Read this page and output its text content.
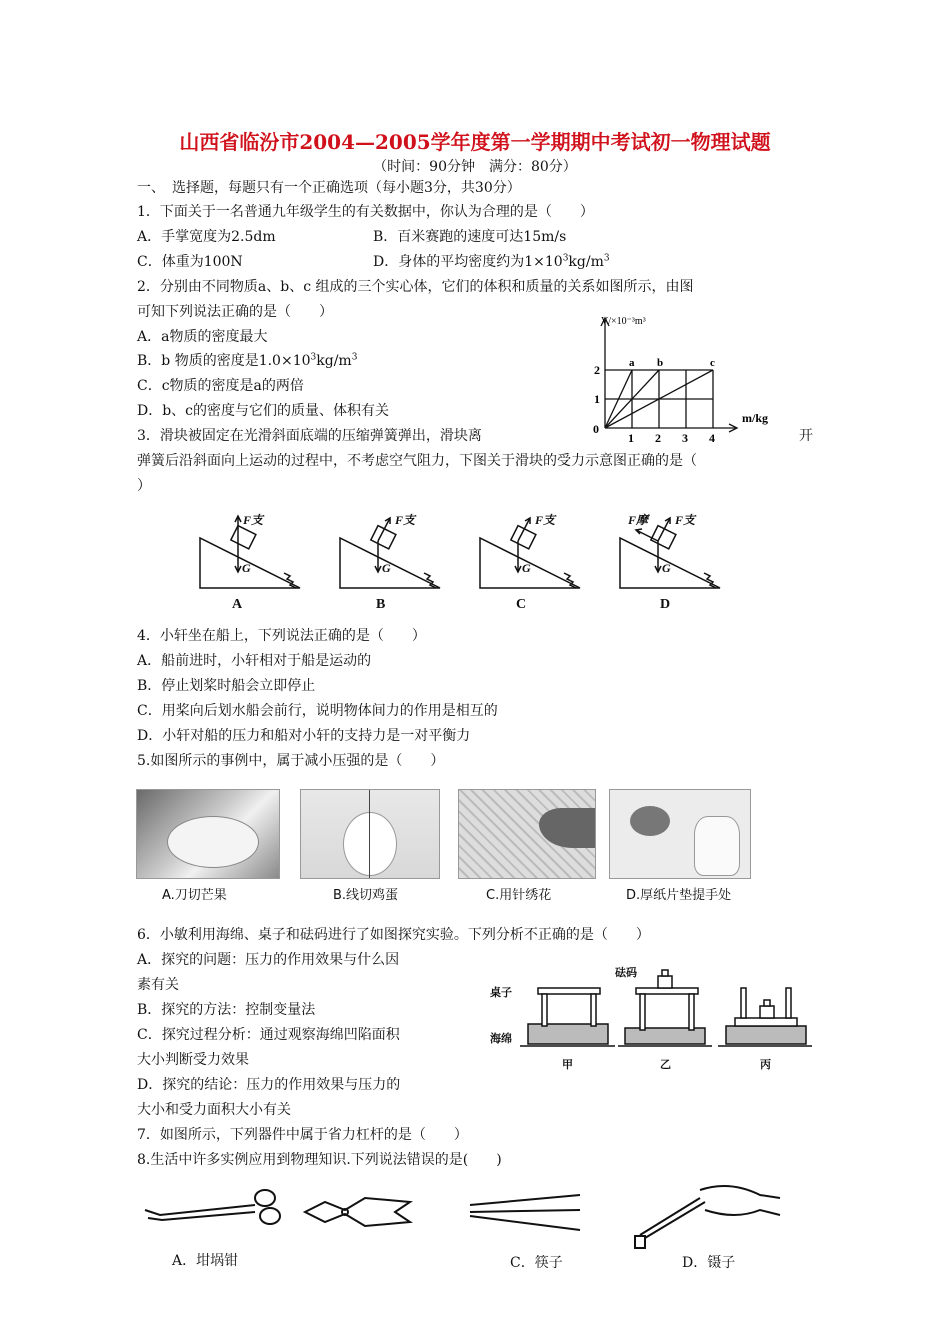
山西省临汾市2004—2005学年度第一学期期中考试初一物理试题
（时间：90分钟　满分：80分）
一、　选择题，每题只有一个正确选项（每小题3分，共30分）
1．下面关于一名普通九年级学生的有关数据中，你认为合理的是（　　）
A．手掌宽度为2.5dm	B．百米赛跑的速度可达15m/s
C．体重为100N	D．身体的平均密度约为$1\times 10^3kg/m^3$
2．分别由不同物质a、b、c 组成的三个实心体，它们的体积和质量的关系如图所示，由图
可知下列说法正确的是（　　）
A．a物质的密度最大
B．b 物质的密度是$1.0\times 10^3kg/m^3$
C．c物质的密度是a的两倍
D．b、c的密度与它们的质量、体积有关
V/×10⁻³m³
m/kg
0
1
2
1 2 3 4
a b	c
3．滑块被固定在光滑斜面底端的压缩弹簧弹出，滑块离	开
弹簧后沿斜面向上运动的过程中，不考虑空气阻力，下图关于滑块的受力示意图正确的是（
）
F支
G
F支
G
F支
G
F支
F摩
G
A	B	C	D
4．小轩坐在船上，下列说法正确的是（　　）
A．船前进时，小轩相对于船是运动的
B．停止划桨时船会立即停止
C．用桨向后划水船会前行，说明物体间力的作用是相互的
D．小轩对船的压力和船对小轩的支持力是一对平衡力
5.如图所示的事例中，属于减小压强的是（　　）
A.刀切芒果	B.线切鸡蛋	C.用针绣花	D.厚纸片垫提手处
6．小敏利用海绵、桌子和砝码进行了如图探究实验。下列分析不正确的是（　　）
A．探究的问题：压力的作用效果与什么因
素有关
B．探究的方法：控制变量法
C．探究过程分析：通过观察海绵凹陷面积
大小判断受力效果
D．探究的结论：压力的作用效果与压力的
大小和受力面积大小有关
桌子
砝码
海绵
甲	乙	丙
7．如图所示，下列器件中属于省力杠杆的是（　　）
8.生活中许多实例应用到物理知识.下列说法错误的是(　　)
A．坩埚钳	C．筷子	D．镊子
